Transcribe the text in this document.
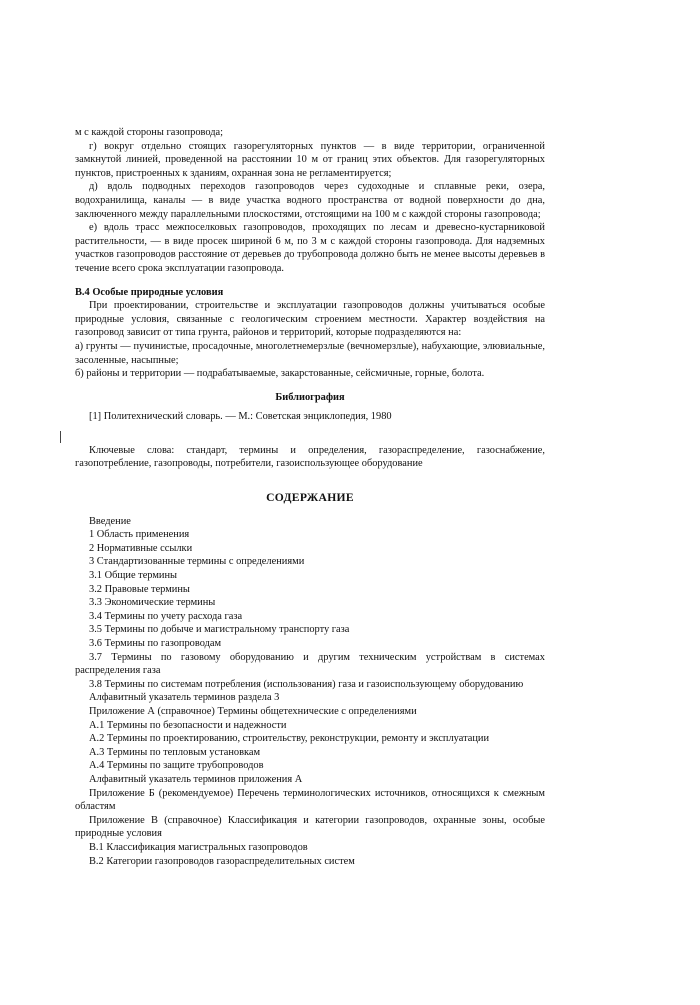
м с каждой стороны газопровода;

г) вокруг отдельно стоящих газорегуляторных пунктов — в виде территории, ограниченной замкнутой линией, проведенной на расстоянии 10 м от границ этих объектов. Для газорегуляторных пунктов, пристроенных к зданиям, охранная зона не регламентируется;

д) вдоль подводных переходов газопроводов через судоходные и сплавные реки, озера, водохранилища, каналы — в виде участка водного пространства от водной поверхности до дна, заключенного между параллельными плоскостями, отстоящими на 100 м с каждой стороны газопровода;

е) вдоль трасс межпоселковых газопроводов, проходящих по лесам и древесно-кустарниковой растительности, — в виде просек шириной 6 м, по 3 м с каждой стороны газопровода. Для надземных участков газопроводов расстояние от деревьев до трубопровода должно быть не менее высоты деревьев в течение всего срока эксплуатации газопровода.

В.4 Особые природные условия

При проектировании, строительстве и эксплуатации газопроводов должны учитываться особые природные условия, связанные с геологическим строением местности. Характер воздействия на газопровод зависит от типа грунта, районов и территорий, которые подразделяются на:

а) грунты — пучинистые, просадочные, многолетнемерзлые (вечномерзлые), набухающие, элювиальные, засоленные, насыпные;

б) районы и территории — подрабатываемые, закарстованные, сейсмичные, горные, болота.

Библиография

[1] Политехнический словарь. — М.: Советская энциклопедия, 1980

Ключевые слова: стандарт, термины и определения, газораспределение, газоснабжение, газопотребление, газопроводы, потребители, газоиспользующее оборудование

СОДЕРЖАНИЕ

Введение
1 Область применения
2 Нормативные ссылки
3 Стандартизованные термины с определениями
3.1 Общие термины
3.2 Правовые термины
3.3 Экономические термины
3.4 Термины по учету расхода газа
3.5 Термины по добыче и магистральному транспорту газа
3.6 Термины по газопроводам
3.7 Термины по газовому оборудованию и другим техническим устройствам в системах распределения газа
3.8 Термины по системам потребления (использования) газа и газоиспользующему оборудованию
Алфавитный указатель терминов раздела 3
Приложение А (справочное) Термины общетехнические с определениями
А.1 Термины по безопасности и надежности
А.2 Термины по проектированию, строительству, реконструкции, ремонту и эксплуатации
А.3 Термины по тепловым установкам
А.4 Термины по защите трубопроводов
Алфавитный указатель терминов приложения А
Приложение Б (рекомендуемое) Перечень терминологических источников, относящихся к смежным областям
Приложение В (справочное) Классификация и категории газопроводов, охранные зоны, особые природные условия
В.1 Классификация магистральных газопроводов
В.2 Категории газопроводов газораспределительных систем
